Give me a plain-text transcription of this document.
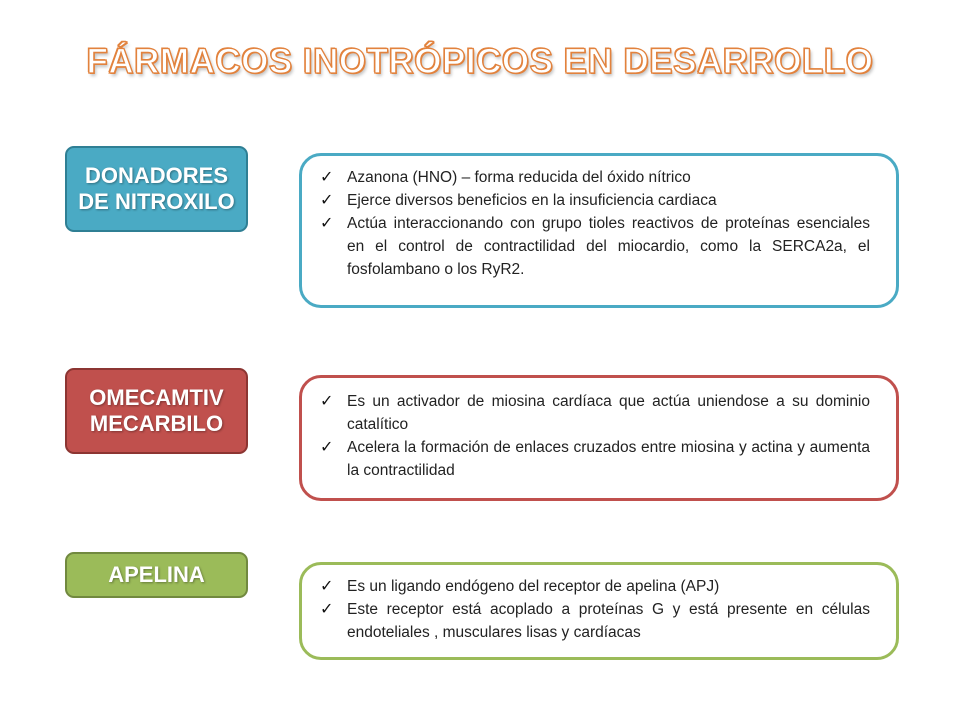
FÁRMACOS INOTRÓPICOS EN DESARROLLO
DONADORES
DE NITROXILO
✓ Azanona (HNO) – forma reducida del óxido nítrico
✓ Ejerce diversos beneficios en la insuficiencia cardiaca
✓ Actúa interaccionando con grupo tioles reactivos de proteínas esenciales en el control de contractilidad del miocardio, como la SERCA2a, el fosfolambano o los RyR2.
OMECAMTIV
MECARBILO
✓ Es un activador de miosina cardíaca que actúa uniendose a su dominio catalítico
✓ Acelera la formación de enlaces cruzados entre miosina y actina y aumenta la contractilidad
APELINA	✓ Es un ligando endógeno del receptor de apelina (APJ)
✓ Este receptor está acoplado a proteínas G y está presente en células endoteliales , musculares lisas y cardíacas
